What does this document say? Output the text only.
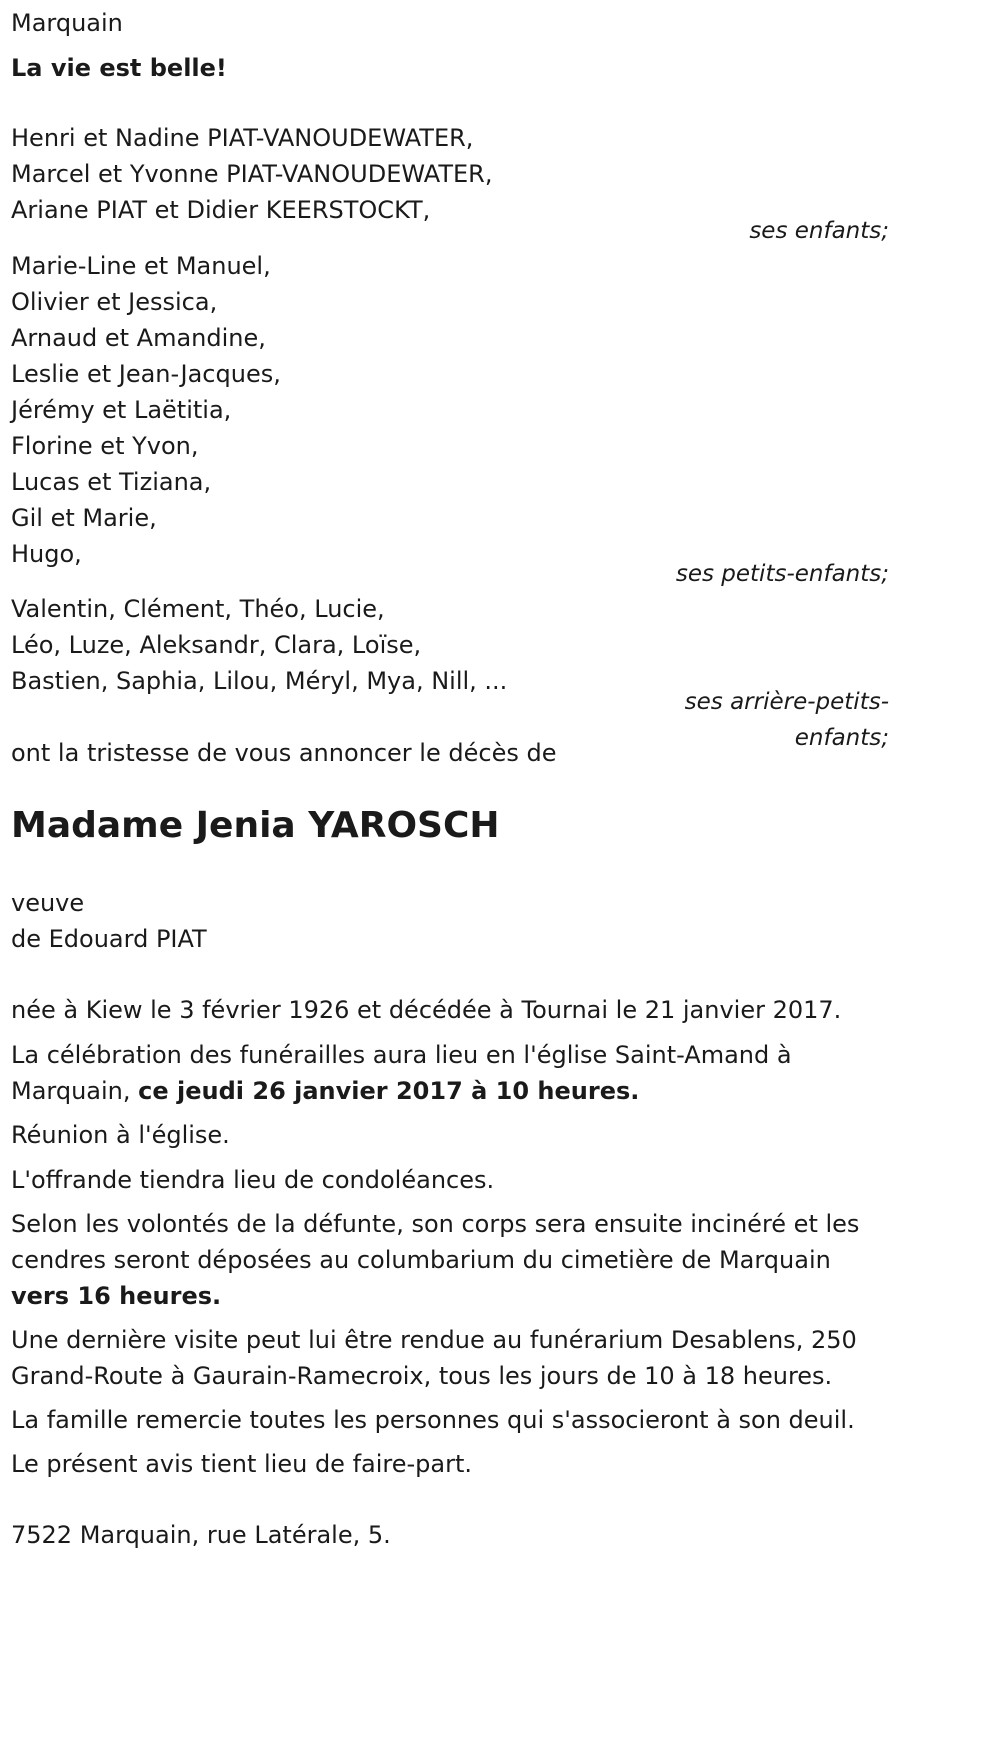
Marquain
La vie est belle!
Henri et Nadine PIAT-VANOUDEWATER,
Marcel et Yvonne PIAT-VANOUDEWATER,
Ariane PIAT et Didier KEERSTOCKT,
ses enfants;
Marie-Line et Manuel,
Olivier et Jessica,
Arnaud et Amandine,
Leslie et Jean-Jacques,
Jérémy et Laëtitia,
Florine et Yvon,
Lucas et Tiziana,
Gil et Marie,
Hugo,
ses petits-enfants;
Valentin, Clément, Théo, Lucie,
Léo, Luze, Aleksandr, Clara, Loïse,
Bastien, Saphia, Lilou, Méryl, Mya, Nill, ...
ses arrière-petits-
enfants;
ont la tristesse de vous annoncer le décès de
Madame Jenia YAROSCH
veuve
de Edouard PIAT
née à Kiew le 3 février 1926 et décédée à Tournai le 21 janvier 2017.
La célébration des funérailles aura lieu en l'église Saint-Amand à
Marquain, ce jeudi 26 janvier 2017 à 10 heures.
Réunion à l'église.
L'offrande tiendra lieu de condoléances.
Selon les volontés de la défunte, son corps sera ensuite incinéré et les
cendres seront déposées au columbarium du cimetière de Marquain
vers 16 heures.
Une dernière visite peut lui être rendue au funérarium Desablens, 250
Grand-Route à Gaurain-Ramecroix, tous les jours de 10 à 18 heures.
La famille remercie toutes les personnes qui s'associeront à son deuil.
Le présent avis tient lieu de faire-part.
7522 Marquain, rue Latérale, 5.
